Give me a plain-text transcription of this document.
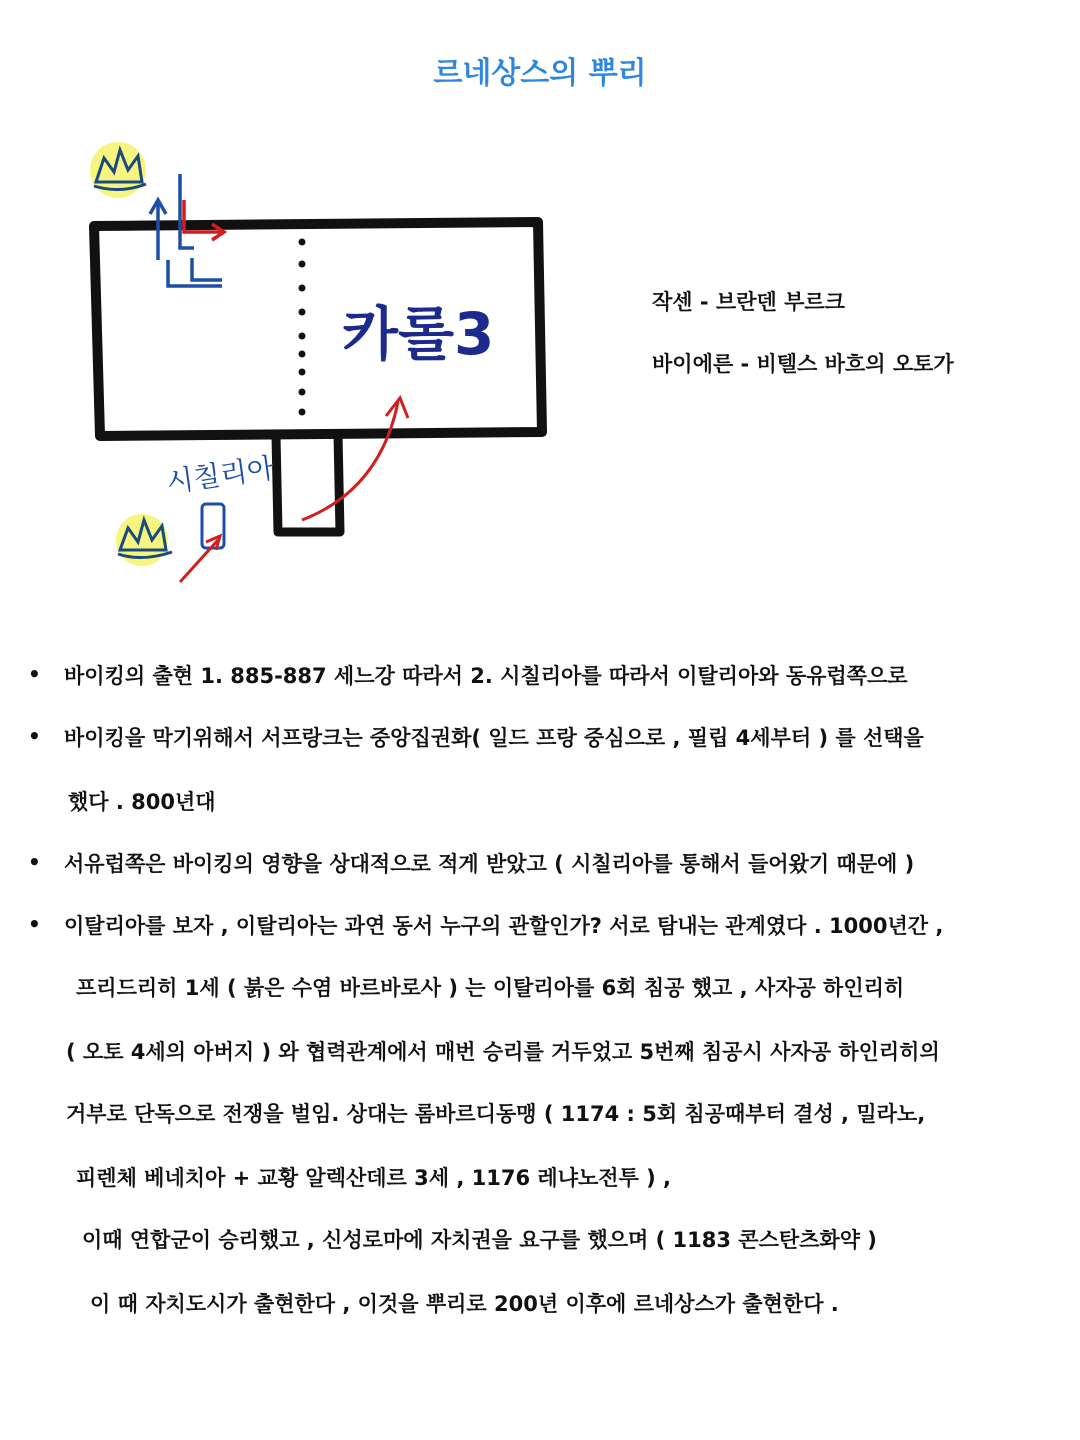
르네상스의 뿌리
카롤3
시칠리아
작센 - 브란덴 부르크
바이에른 - 비텔스 바흐의 오토가
• 바이킹의 출현 1. 885-887 세느강 따라서 2. 시칠리아를 따라서 이탈리아와 동유럽쪽으로
• 바이킹을 막기위해서 서프랑크는 중앙집권화( 일드 프랑 중심으로 , 필립 4세부터 ) 를 선택을
했다 . 800년대
• 서유럽쪽은 바이킹의 영향을 상대적으로 적게 받았고 ( 시칠리아를 통해서 들어왔기 때문에 )
• 이탈리아를 보자 , 이탈리아는 과연 동서 누구의 관할인가? 서로 탐내는 관계였다 . 1000년간 ,
프리드리히 1세 ( 붉은 수염 바르바로사 ) 는 이탈리아를 6회 침공 했고 , 사자공 하인리히
( 오토 4세의 아버지 ) 와 협력관계에서 매번 승리를 거두었고 5번째 침공시 사자공 하인리히의
거부로 단독으로 전쟁을 벌임. 상대는 롬바르디동맹 ( 1174 : 5회 침공때부터 결성 , 밀라노,
피렌체 베네치아 + 교황 알렉산데르 3세 , 1176 레냐노전투 ) ,
이때 연합군이 승리했고 , 신성로마에 자치권을 요구를 했으며 ( 1183 콘스탄츠화약 )
이 때 자치도시가 출현한다 , 이것을 뿌리로 200년 이후에 르네상스가 출현한다 .
